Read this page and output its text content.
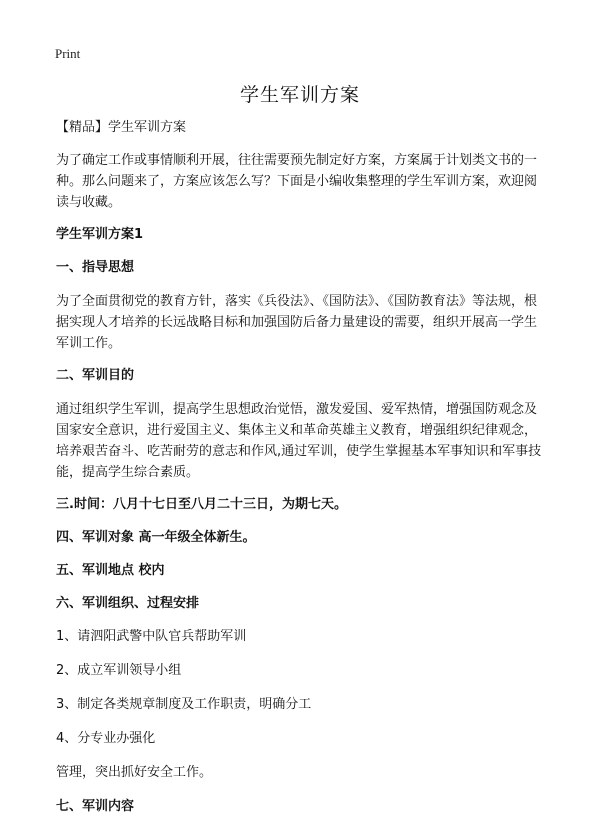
Print
学生军训方案
【精品】学生军训方案
为了确定工作或事情顺利开展，往往需要预先制定好方案，方案属于计划类文书的一种。那么问题来了，方案应该怎么写？下面是小编收集整理的学生军训方案，欢迎阅读与收藏。
学生军训方案1
一、指导思想
为了全面贯彻党的教育方针，落实《兵役法》、《国防法》、《国防教育法》等法规，根据实现人才培养的长远战略目标和加强国防后备力量建设的需要，组织开展高一学生军训工作。
二、军训目的
通过组织学生军训，提高学生思想政治觉悟，激发爱国、爱军热情，增强国防观念及国家安全意识，进行爱国主义、集体主义和革命英雄主义教育，增强组织纪律观念，培养艰苦奋斗、吃苦耐劳的意志和作风,通过军训，使学生掌握基本军事知识和军事技能，提高学生综合素质。
三.时间：八月十七日至八月二十三日，为期七天。
四、军训对象 高一年级全体新生。
五、军训地点 校内
六、军训组织、过程安排
1、请泗阳武警中队官兵帮助军训
2、成立军训领导小组
3、制定各类规章制度及工作职责，明确分工
4、分专业办强化
管理，突出抓好安全工作。
七、军训内容
